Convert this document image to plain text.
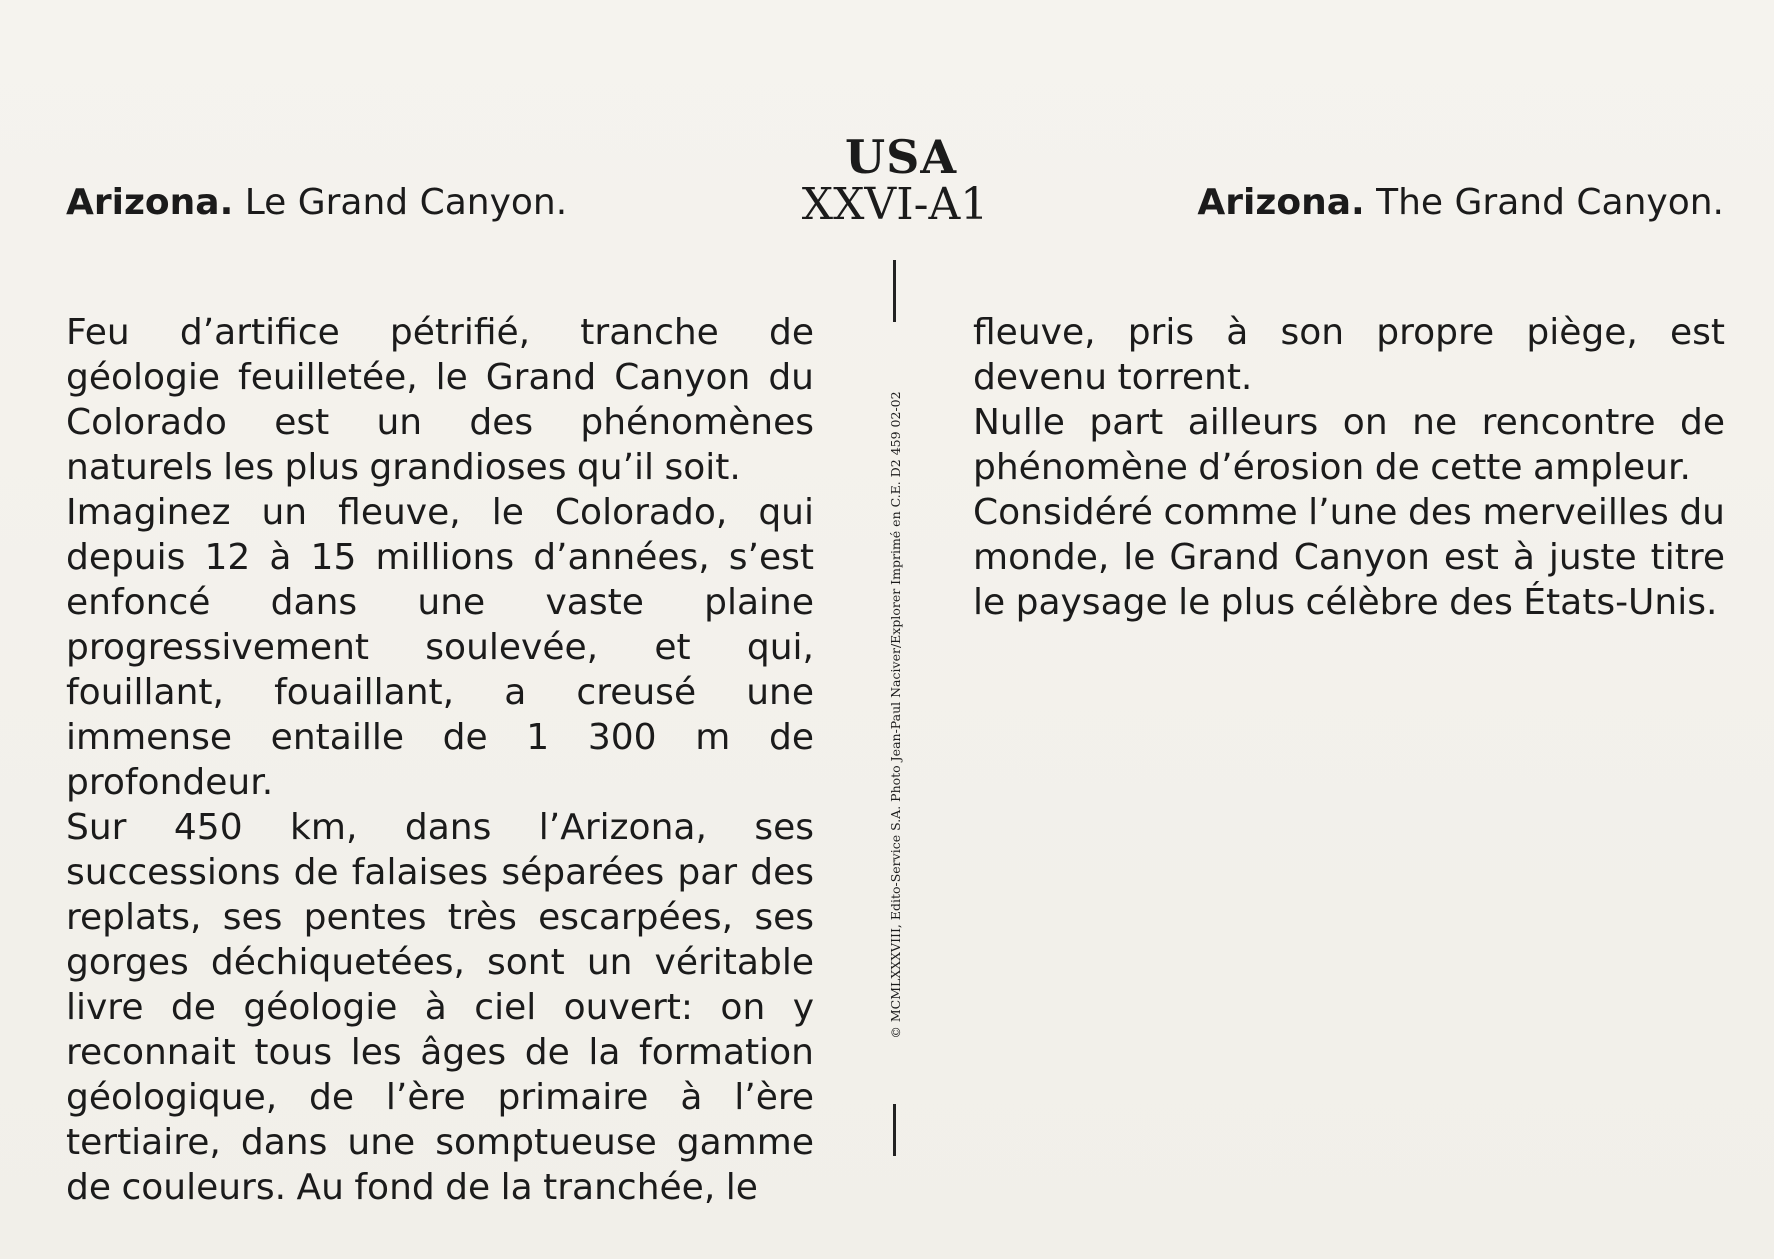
USA
XXVI-A1
Arizona. Le Grand Canyon.	Arizona. The Grand Canyon.
© MCMLXXXVIII, Edito-Service S.A. Photo Jean-Paul Naciver/Explorer Imprimé en C.E. D2 459 02-02

Feu d’artifice pétrifié, tranche de géologie feuilletée, le Grand Canyon du Colorado est un des phénomènes naturels les plus grandioses qu’il soit.

Imaginez un fleuve, le Colorado, qui depuis 12 à 15 millions d’années, s’est enfoncé dans une vaste plaine progressivement soulevée, et qui, fouillant, fouaillant, a creusé une immense entaille de 1 300 m de profondeur.

Sur 450 km, dans l’Arizona, ses successions de falaises séparées par des replats, ses pentes très escarpées, ses gorges déchiquetées, sont un véritable livre de géologie à ciel ouvert: on y reconnait tous les âges de la formation géologique, de l’ère primaire à l’ère tertiaire, dans une somptueuse gamme de couleurs. Au fond de la tranchée, le

fleuve, pris à son propre piège, est devenu torrent.

Nulle part ailleurs on ne rencontre de phénomène d’érosion de cette ampleur.

Considéré comme l’une des merveilles du monde, le Grand Canyon est à juste titre le paysage le plus célèbre des États-Unis.
